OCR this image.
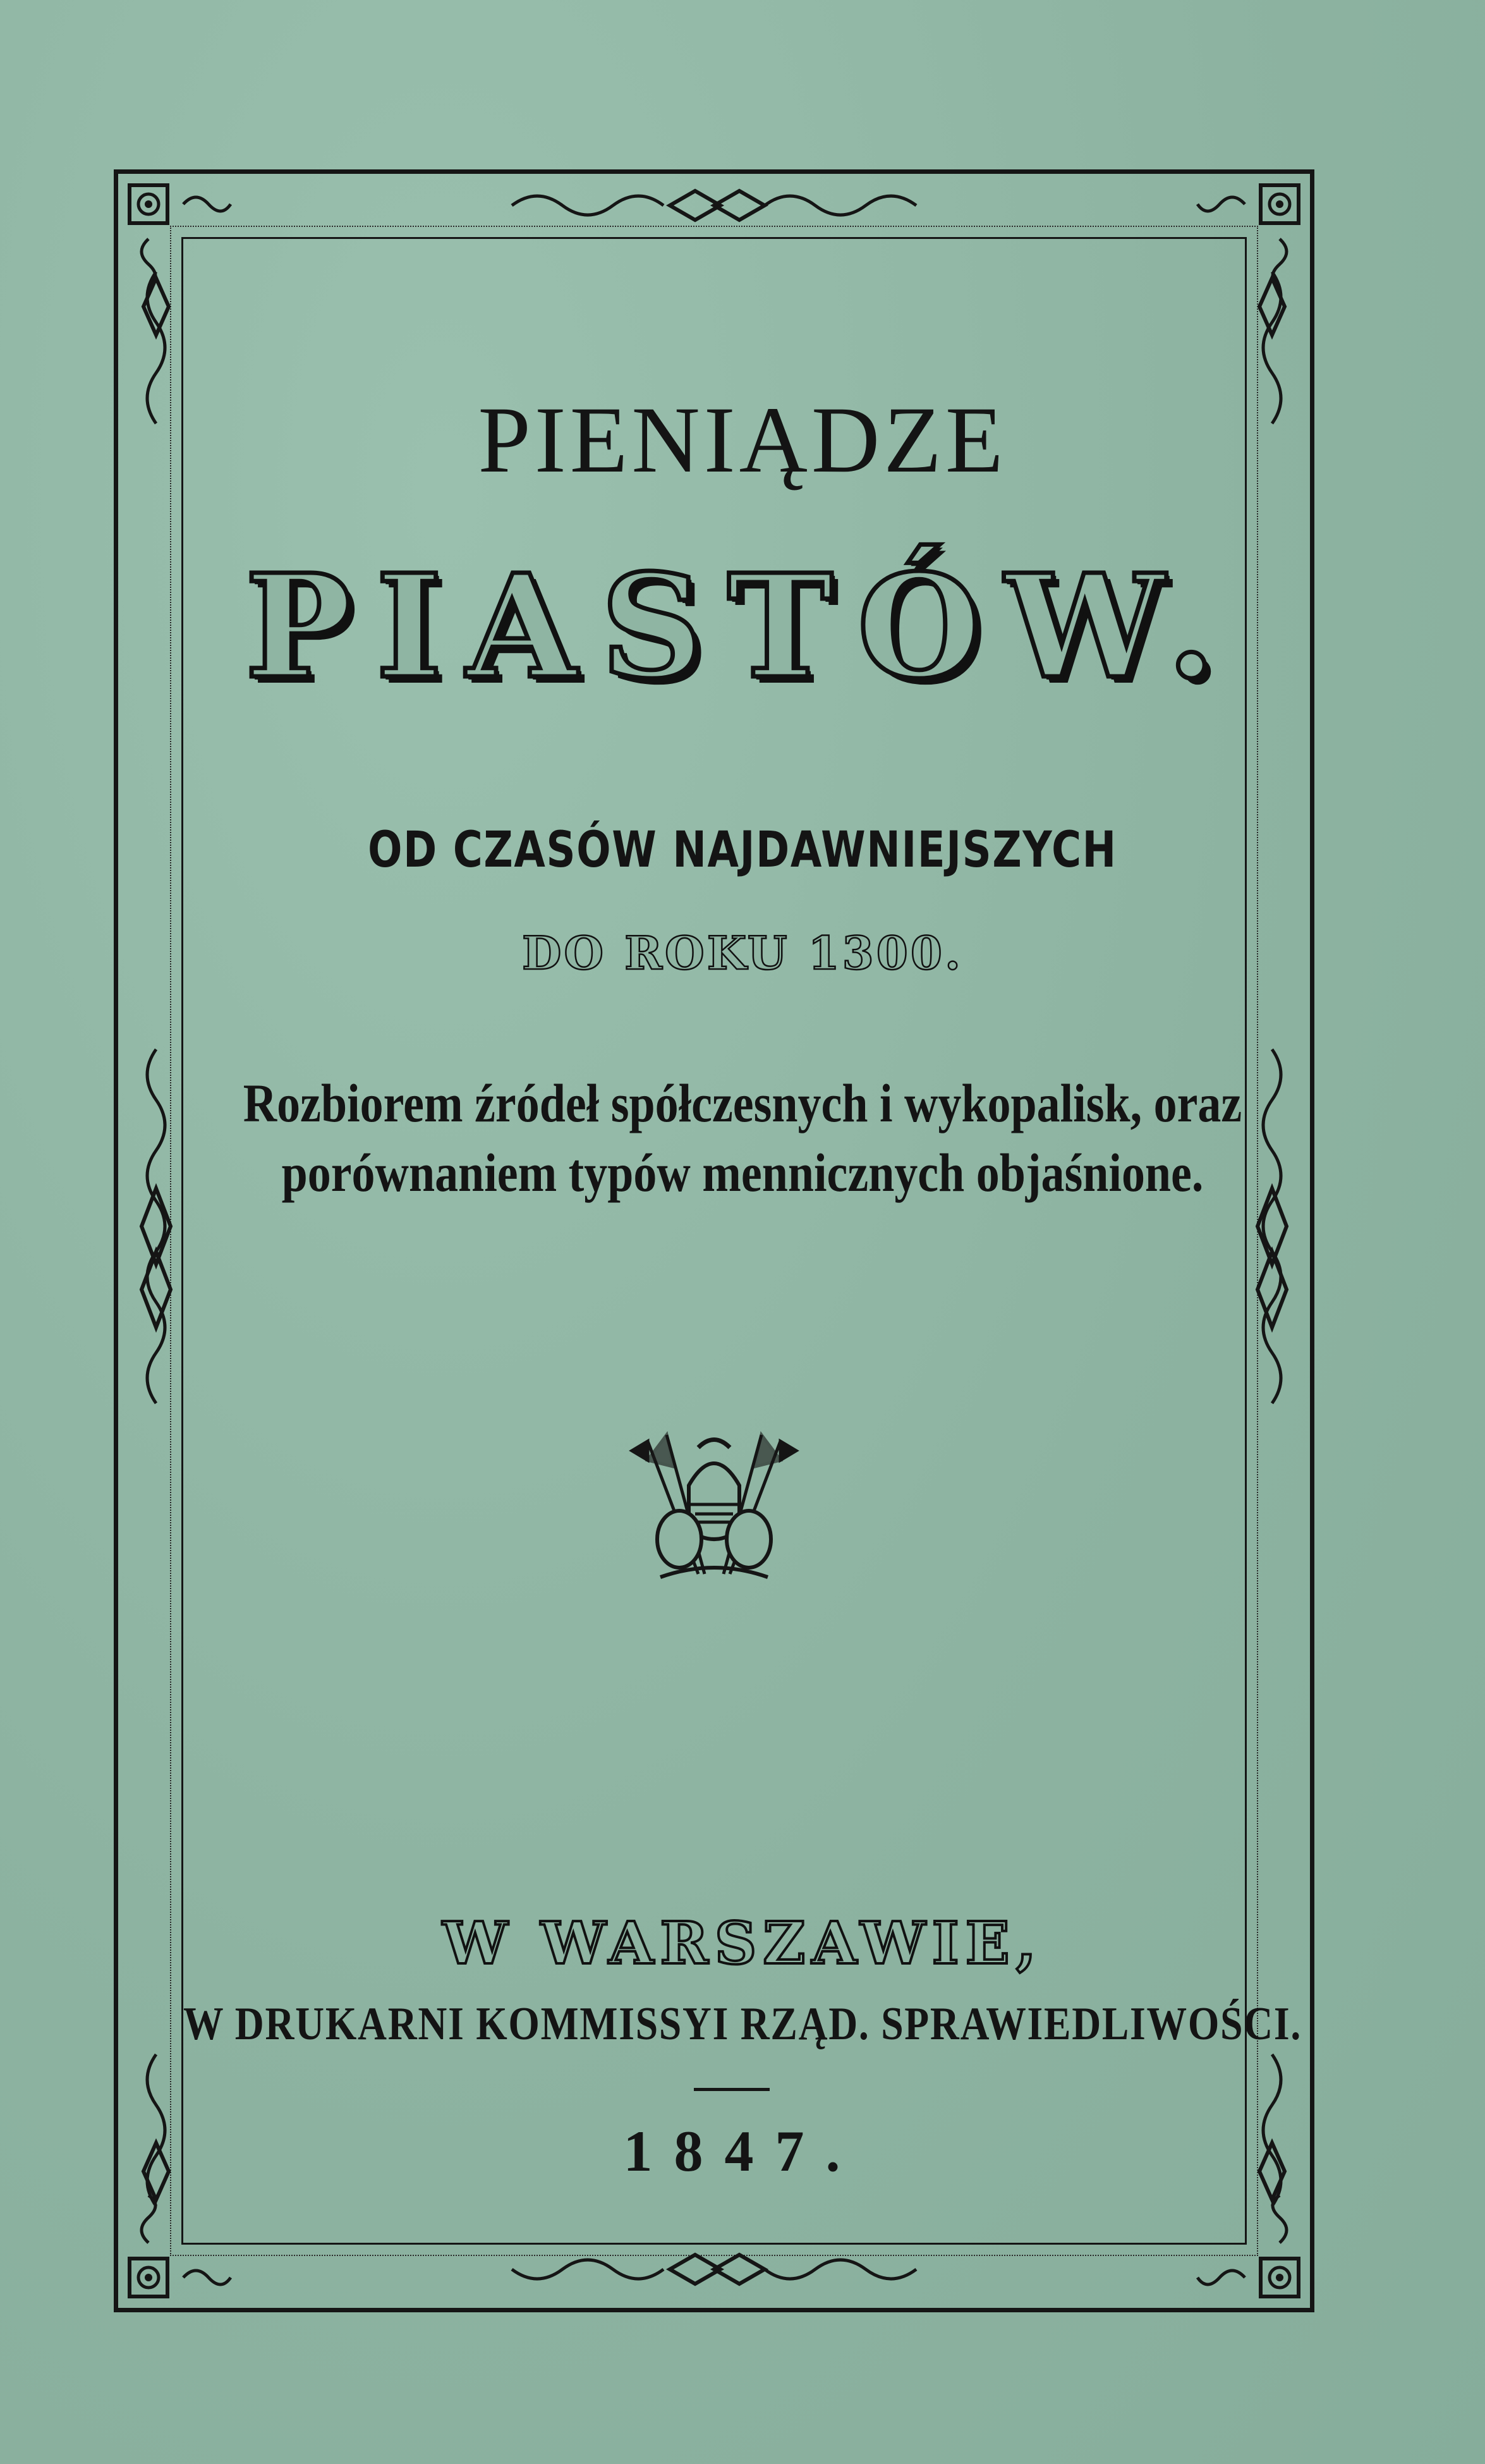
PIENIĄDZE
PIASTÓW.
OD CZASÓW NAJDAWNIEJSZYCH
DO ROKU 1300.
Rozbiorem źródeł spółczesnych i wykopalisk, oraz
porównaniem typów mennicznych objaśnione.
W WARSZAWIE,
W DRUKARNI KOMMISSYI RZĄD. SPRAWIEDLIWOŚCI.
1847.
